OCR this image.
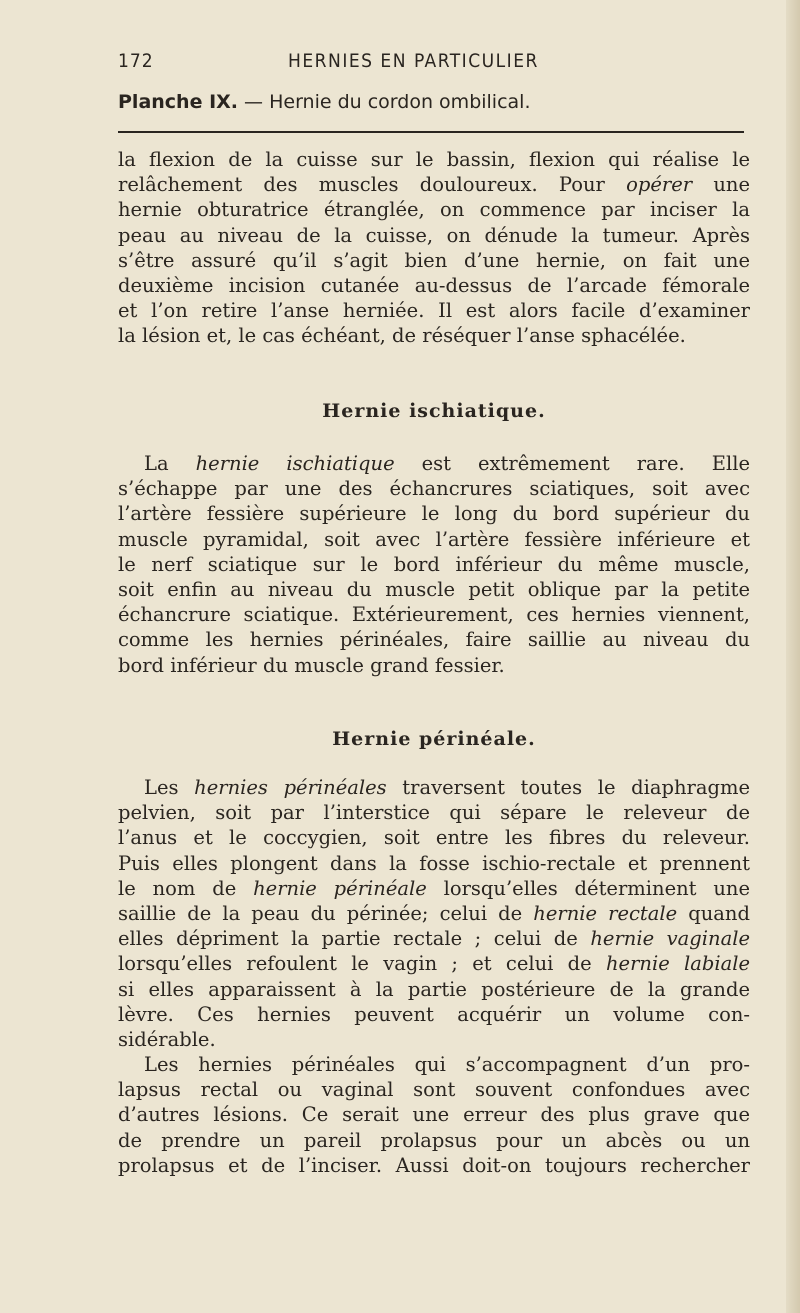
172	HERNIES EN PARTICULIER
Planche IX. — Hernie du cordon ombilical.
la flexion de la cuisse sur le bassin, flexion qui réalise le
relâchement des muscles douloureux. Pour opérer une
hernie obturatrice étranglée, on commence par inciser la
peau au niveau de la cuisse, on dénude la tumeur. Après
s’être assuré qu’il s’agit bien d’une hernie, on fait une
deuxième incision cutanée au-dessus de l’arcade fémorale
et l’on retire l’anse herniée. Il est alors facile d’examiner
la lésion et, le cas échéant, de réséquer l’anse sphacélée.
Hernie ischiatique.
La hernie ischiatique est extrêmement rare. Elle
s’échappe par une des échancrures sciatiques, soit avec
l’artère fessière supérieure le long du bord supérieur du
muscle pyramidal, soit avec l’artère fessière inférieure et
le nerf sciatique sur le bord inférieur du même muscle,
soit enfin au niveau du muscle petit oblique par la petite
échancrure sciatique. Extérieurement, ces hernies viennent,
comme les hernies périnéales, faire saillie au niveau du
bord inférieur du muscle grand fessier.
Hernie périnéale.
Les hernies périnéales traversent toutes le diaphragme
pelvien, soit par l’interstice qui sépare le releveur de
l’anus et le coccygien, soit entre les fibres du releveur.
Puis elles plongent dans la fosse ischio-rectale et prennent
le nom de hernie périnéale lorsqu’elles déterminent une
saillie de la peau du périnée; celui de hernie rectale quand
elles dépriment la partie rectale ; celui de hernie vaginale
lorsqu’elles refoulent le vagin ; et celui de hernie labiale
si elles apparaissent à la partie postérieure de la grande
lèvre. Ces hernies peuvent acquérir un volume con-
sidérable.
Les hernies périnéales qui s’accompagnent d’un pro-
lapsus rectal ou vaginal sont souvent confondues avec
d’autres lésions. Ce serait une erreur des plus grave que
de prendre un pareil prolapsus pour un abcès ou un
prolapsus et de l’inciser. Aussi doit-on toujours rechercher
